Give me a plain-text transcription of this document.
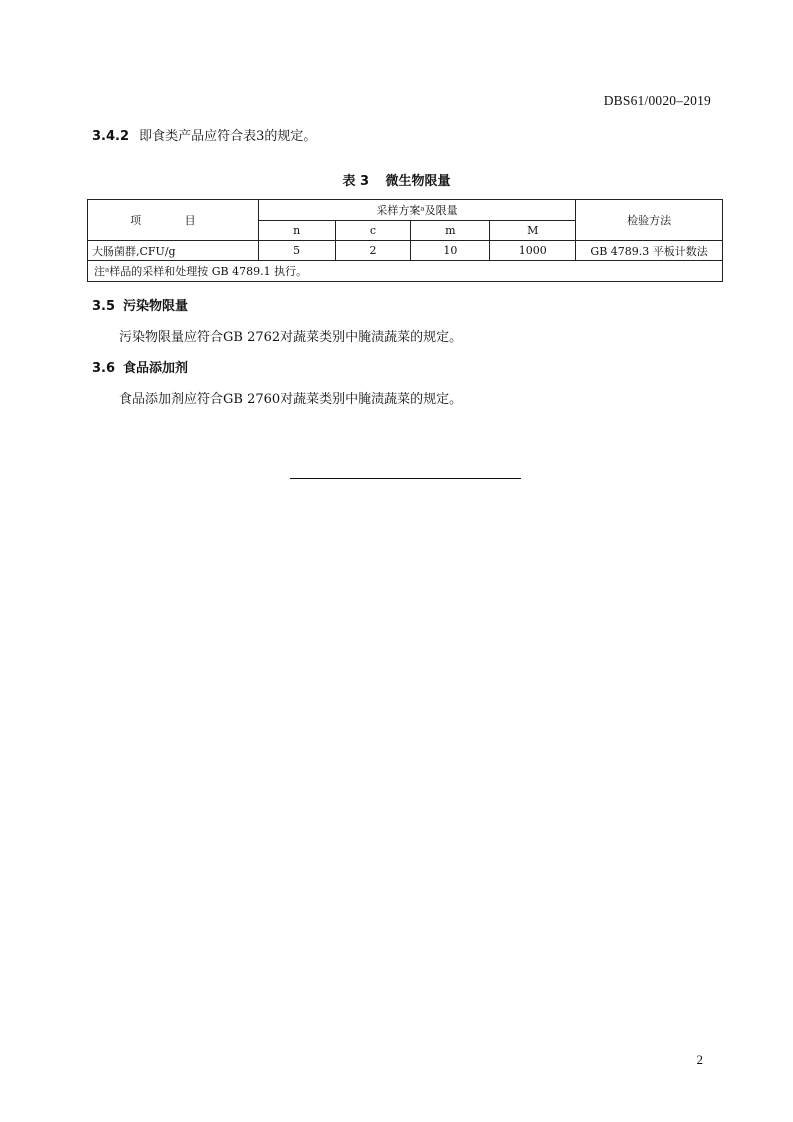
DBS61/0020–2019
3.4.2 即食类产品应符合表3的规定。
表 3 微生物限量
项 目	采样方案ᵃ及限量				检验方法
	n	c	m	M	
大肠菌群,CFU/g	5	2	10	1000	GB 4789.3 平板计数法
注ᵃ样品的采样和处理按 GB 4789.1 执行。					
3.5 污染物限量
污染物限量应符合GB 2762对蔬菜类别中腌渍蔬菜的规定。
3.6 食品添加剂
食品添加剂应符合GB 2760对蔬菜类别中腌渍蔬菜的规定。
2
